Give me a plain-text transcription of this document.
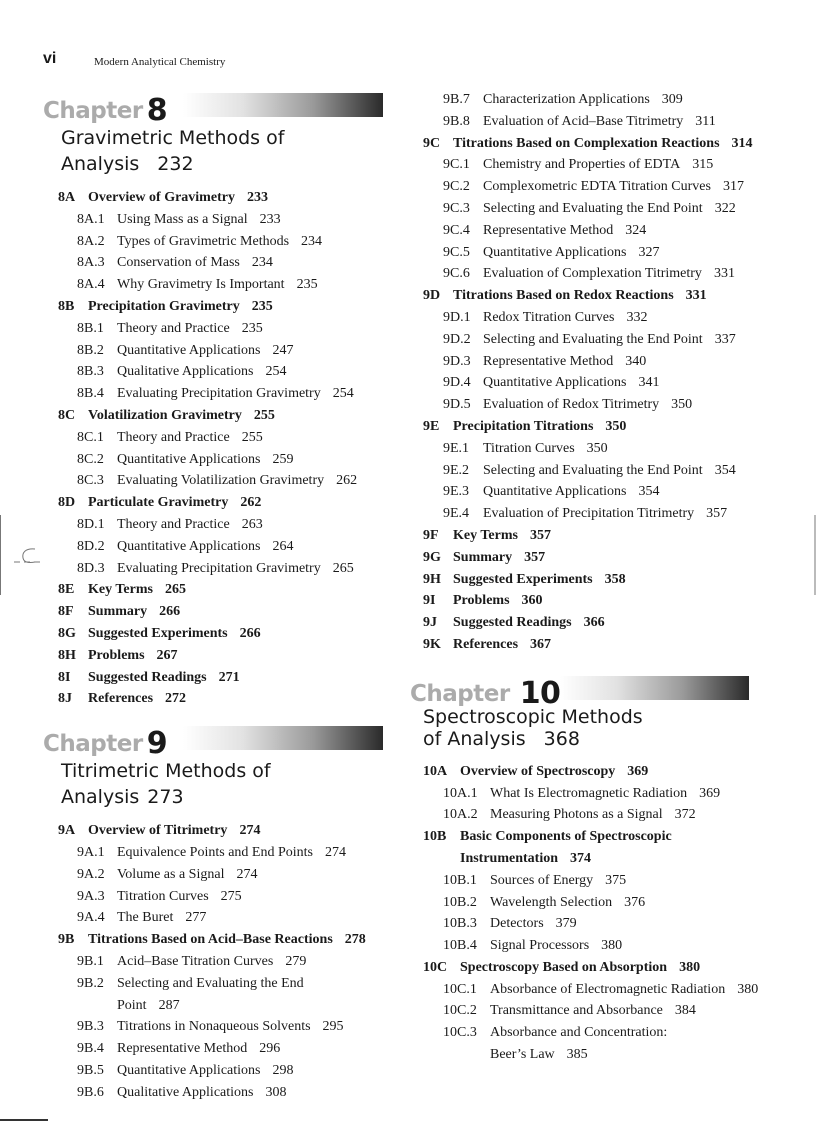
vi	Modern Analytical Chemistry
Chapter 8
Gravimetric Methods of Analysis 232
8A Overview of Gravimetry 233
8A.1 Using Mass as a Signal 233
8A.2 Types of Gravimetric Methods 234
8A.3 Conservation of Mass 234
8A.4 Why Gravimetry Is Important 235
8B Precipitation Gravimetry 235
8B.1 Theory and Practice 235
8B.2 Quantitative Applications 247
8B.3 Qualitative Applications 254
8B.4 Evaluating Precipitation Gravimetry 254
8C Volatilization Gravimetry 255
8C.1 Theory and Practice 255
8C.2 Quantitative Applications 259
8C.3 Evaluating Volatilization Gravimetry 262
8D Particulate Gravimetry 262
8D.1 Theory and Practice 263
8D.2 Quantitative Applications 264
8D.3 Evaluating Precipitation Gravimetry 265
8E Key Terms 265
8F Summary 266
8G Suggested Experiments 266
8H Problems 267
8I Suggested Readings 271
8J References 272
Chapter 9
Titrimetric Methods of Analysis 273
9A Overview of Titrimetry 274
9A.1 Equivalence Points and End Points 274
9A.2 Volume as a Signal 274
9A.3 Titration Curves 275
9A.4 The Buret 277
9B Titrations Based on Acid–Base Reactions 278
9B.1 Acid–Base Titration Curves 279
9B.2 Selecting and Evaluating the End Point 287
9B.3 Titrations in Nonaqueous Solvents 295
9B.4 Representative Method 296
9B.5 Quantitative Applications 298
9B.6 Qualitative Applications 308
9B.7 Characterization Applications 309
9B.8 Evaluation of Acid–Base Titrimetry 311
9C Titrations Based on Complexation Reactions 314
9C.1 Chemistry and Properties of EDTA 315
9C.2 Complexometric EDTA Titration Curves 317
9C.3 Selecting and Evaluating the End Point 322
9C.4 Representative Method 324
9C.5 Quantitative Applications 327
9C.6 Evaluation of Complexation Titrimetry 331
9D Titrations Based on Redox Reactions 331
9D.1 Redox Titration Curves 332
9D.2 Selecting and Evaluating the End Point 337
9D.3 Representative Method 340
9D.4 Quantitative Applications 341
9D.5 Evaluation of Redox Titrimetry 350
9E Precipitation Titrations 350
9E.1 Titration Curves 350
9E.2 Selecting and Evaluating the End Point 354
9E.3 Quantitative Applications 354
9E.4 Evaluation of Precipitation Titrimetry 357
9F Key Terms 357
9G Summary 357
9H Suggested Experiments 358
9I Problems 360
9J Suggested Readings 366
9K References 367
Chapter 10
Spectroscopic Methods
of Analysis 368
10A Overview of Spectroscopy 369
10A.1 What Is Electromagnetic Radiation 369
10A.2 Measuring Photons as a Signal 372
10B Basic Components of Spectroscopic Instrumentation 374
10B.1 Sources of Energy 375
10B.2 Wavelength Selection 376
10B.3 Detectors 379
10B.4 Signal Processors 380
10C Spectroscopy Based on Absorption 380
10C.1 Absorbance of Electromagnetic Radiation 380
10C.2 Transmittance and Absorbance 384
10C.3 Absorbance and Concentration: Beer’s Law 385
